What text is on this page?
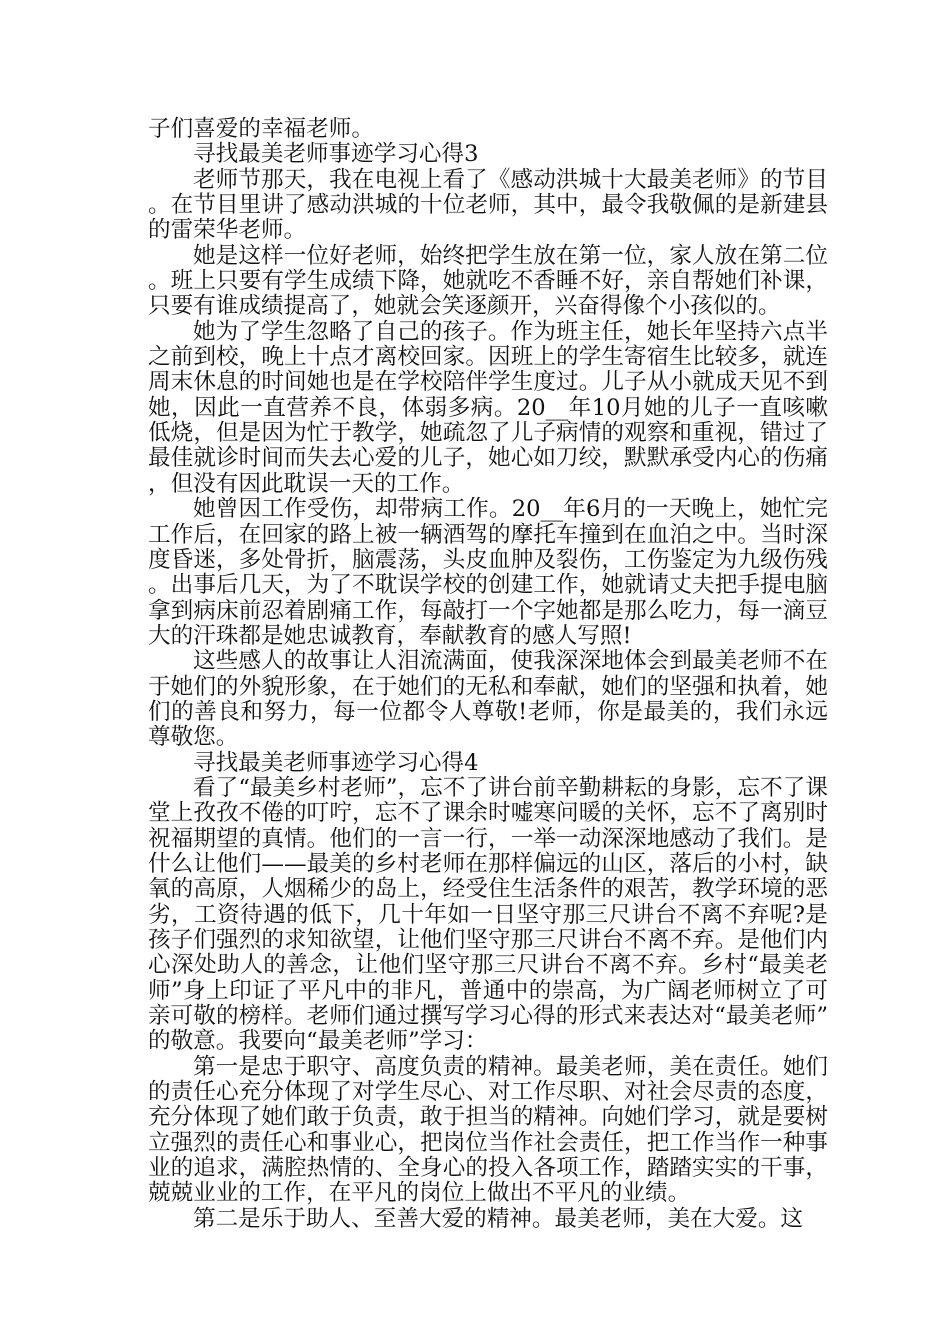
子们喜爱的幸福老师。

寻找最美老师事迹学习心得3

老师节那天，我在电视上看了《感动洪城十大最美老师》的节目。在节目里讲了感动洪城的十位老师，其中，最令我敬佩的是新建县的雷荣华老师。

她是这样一位好老师，始终把学生放在第一位，家人放在第二位。班上只要有学生成绩下降，她就吃不香睡不好，亲自帮她们补课，只要有谁成绩提高了，她就会笑逐颜开，兴奋得像个小孩似的。

她为了学生忽略了自己的孩子。作为班主任，她长年坚持六点半之前到校，晚上十点才离校回家。因班上的学生寄宿生比较多，就连周末休息的时间她也是在学校陪伴学生度过。儿子从小就成天见不到她，因此一直营养不良，体弱多病。20__年10月她的儿子一直咳嗽低烧，但是因为忙于教学，她疏忽了儿子病情的观察和重视，错过了最佳就诊时间而失去心爱的儿子，她心如刀绞，默默承受内心的伤痛，但没有因此耽误一天的工作。

她曾因工作受伤，却带病工作。20__年6月的一天晚上，她忙完工作后，在回家的路上被一辆酒驾的摩托车撞到在血泊之中。当时深度昏迷，多处骨折，脑震荡，头皮血肿及裂伤，工伤鉴定为九级伤残。出事后几天，为了不耽误学校的创建工作，她就请丈夫把手提电脑拿到病床前忍着剧痛工作，每敲打一个字她都是那么吃力，每一滴豆大的汗珠都是她忠诚教育，奉献教育的感人写照!

这些感人的故事让人泪流满面，使我深深地体会到最美老师不在于她们的外貌形象，在于她们的无私和奉献，她们的坚强和执着，她们的善良和努力，每一位都令人尊敬!老师，你是最美的，我们永远尊敬您。

寻找最美老师事迹学习心得4

看了“最美乡村老师”，忘不了讲台前辛勤耕耘的身影，忘不了课堂上孜孜不倦的叮咛，忘不了课余时嘘寒问暖的关怀，忘不了离别时祝福期望的真情。他们的一言一行，一举一动深深地感动了我们。是什么让他们——最美的乡村老师在那样偏远的山区，落后的小村，缺氧的高原，人烟稀少的岛上，经受住生活条件的艰苦，教学环境的恶劣，工资待遇的低下，几十年如一日坚守那三尺讲台不离不弃呢?是孩子们强烈的求知欲望，让他们坚守那三尺讲台不离不弃。是他们内心深处助人的善念，让他们坚守那三尺讲台不离不弃。乡村“最美老师”身上印证了平凡中的非凡，普通中的崇高，为广阔老师树立了可亲可敬的榜样。老师们通过撰写学习心得的形式来表达对“最美老师”的敬意。我要向“最美老师”学习：

第一是忠于职守、高度负责的精神。最美老师，美在责任。她们的责任心充分体现了对学生尽心、对工作尽职、对社会尽责的态度，充分体现了她们敢于负责，敢于担当的精神。向她们学习，就是要树立强烈的责任心和事业心，把岗位当作社会责任，把工作当作一种事业的追求，满腔热情的、全身心的投入各项工作，踏踏实实的干事，兢兢业业的工作，在平凡的岗位上做出不平凡的业绩。

第二是乐于助人、至善大爱的精神。最美老师，美在大爱。这
